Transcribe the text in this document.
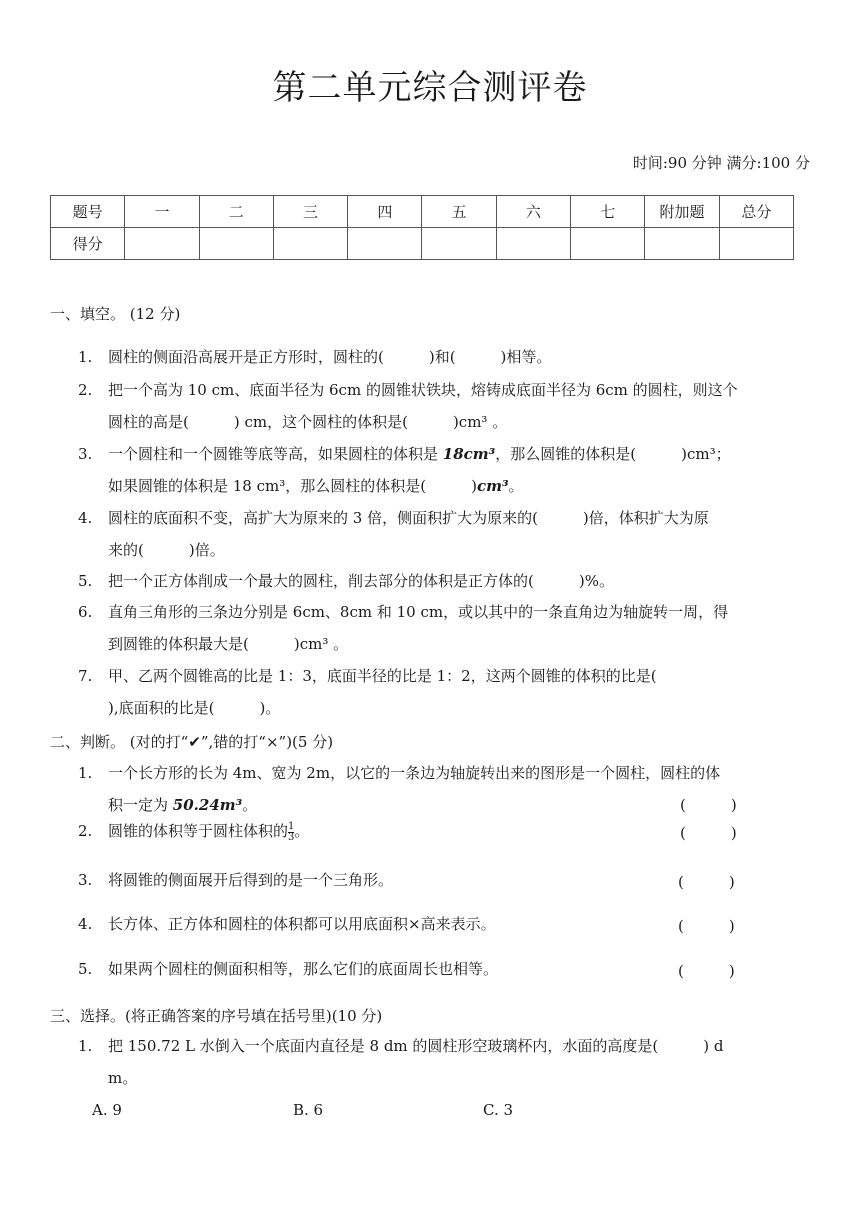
第二单元综合测评卷
时间:90 分钟 满分:100 分
题号	一	二	三	四	五	六	七	附加题	总分
得分									
一、填空。 (12 分)
1. 圆柱的侧面沿高展开是正方形时，圆柱的(　　　)和(　　　)相等。
2. 把一个高为 10 cm、底面半径为 6cm 的圆锥状铁块，熔铸成底面半径为 6cm 的圆柱，则这个
圆柱的高是(　　　) cm，这个圆柱的体积是(　　　)cm³ 。
3. 一个圆柱和一个圆锥等底等高，如果圆柱的体积是 18cm³，那么圆锥的体积是(　　　)cm³；
如果圆锥的体积是 18 cm³，那么圆柱的体积是(　　　)cm³。
4. 圆柱的底面积不变，高扩大为原来的 3 倍，侧面积扩大为原来的(　　　)倍，体积扩大为原
来的(　　　)倍。
5. 把一个正方体削成一个最大的圆柱，削去部分的体积是正方体的(　　　)%。
6. 直角三角形的三条边分别是 6cm、8cm 和 10 cm，或以其中的一条直角边为轴旋转一周，得
到圆锥的体积最大是(　　　)cm³ 。
7. 甲、乙两个圆锥高的比是 1：3，底面半径的比是 1：2，这两个圆锥的体积的比是(
),底面积的比是(　　　)。
二、判断。 (对的打“✔”,错的打“×”)(5 分)
1. 一个长方形的长为 4m、宽为 2m，以它的一条边为轴旋转出来的图形是一个圆柱，圆柱的体
积一定为 50.24m³。	(　　　)
2. 圆锥的体积等于圆柱体积的 $\frac{1}{3}$ 。	(　　　)
3. 将圆锥的侧面展开后得到的是一个三角形。	(　　　)
4. 长方体、正方体和圆柱的体积都可以用底面积×高来表示。	(　　　)
5. 如果两个圆柱的侧面积相等，那么它们的底面周长也相等。	(　　　)
三、选择。(将正确答案的序号填在括号里)(10 分)
1. 把 150.72 L 水倒入一个底面内直径是 8 dm 的圆柱形空玻璃杯内，水面的高度是(　　　) d
m。
A. 9	B. 6	C. 3
